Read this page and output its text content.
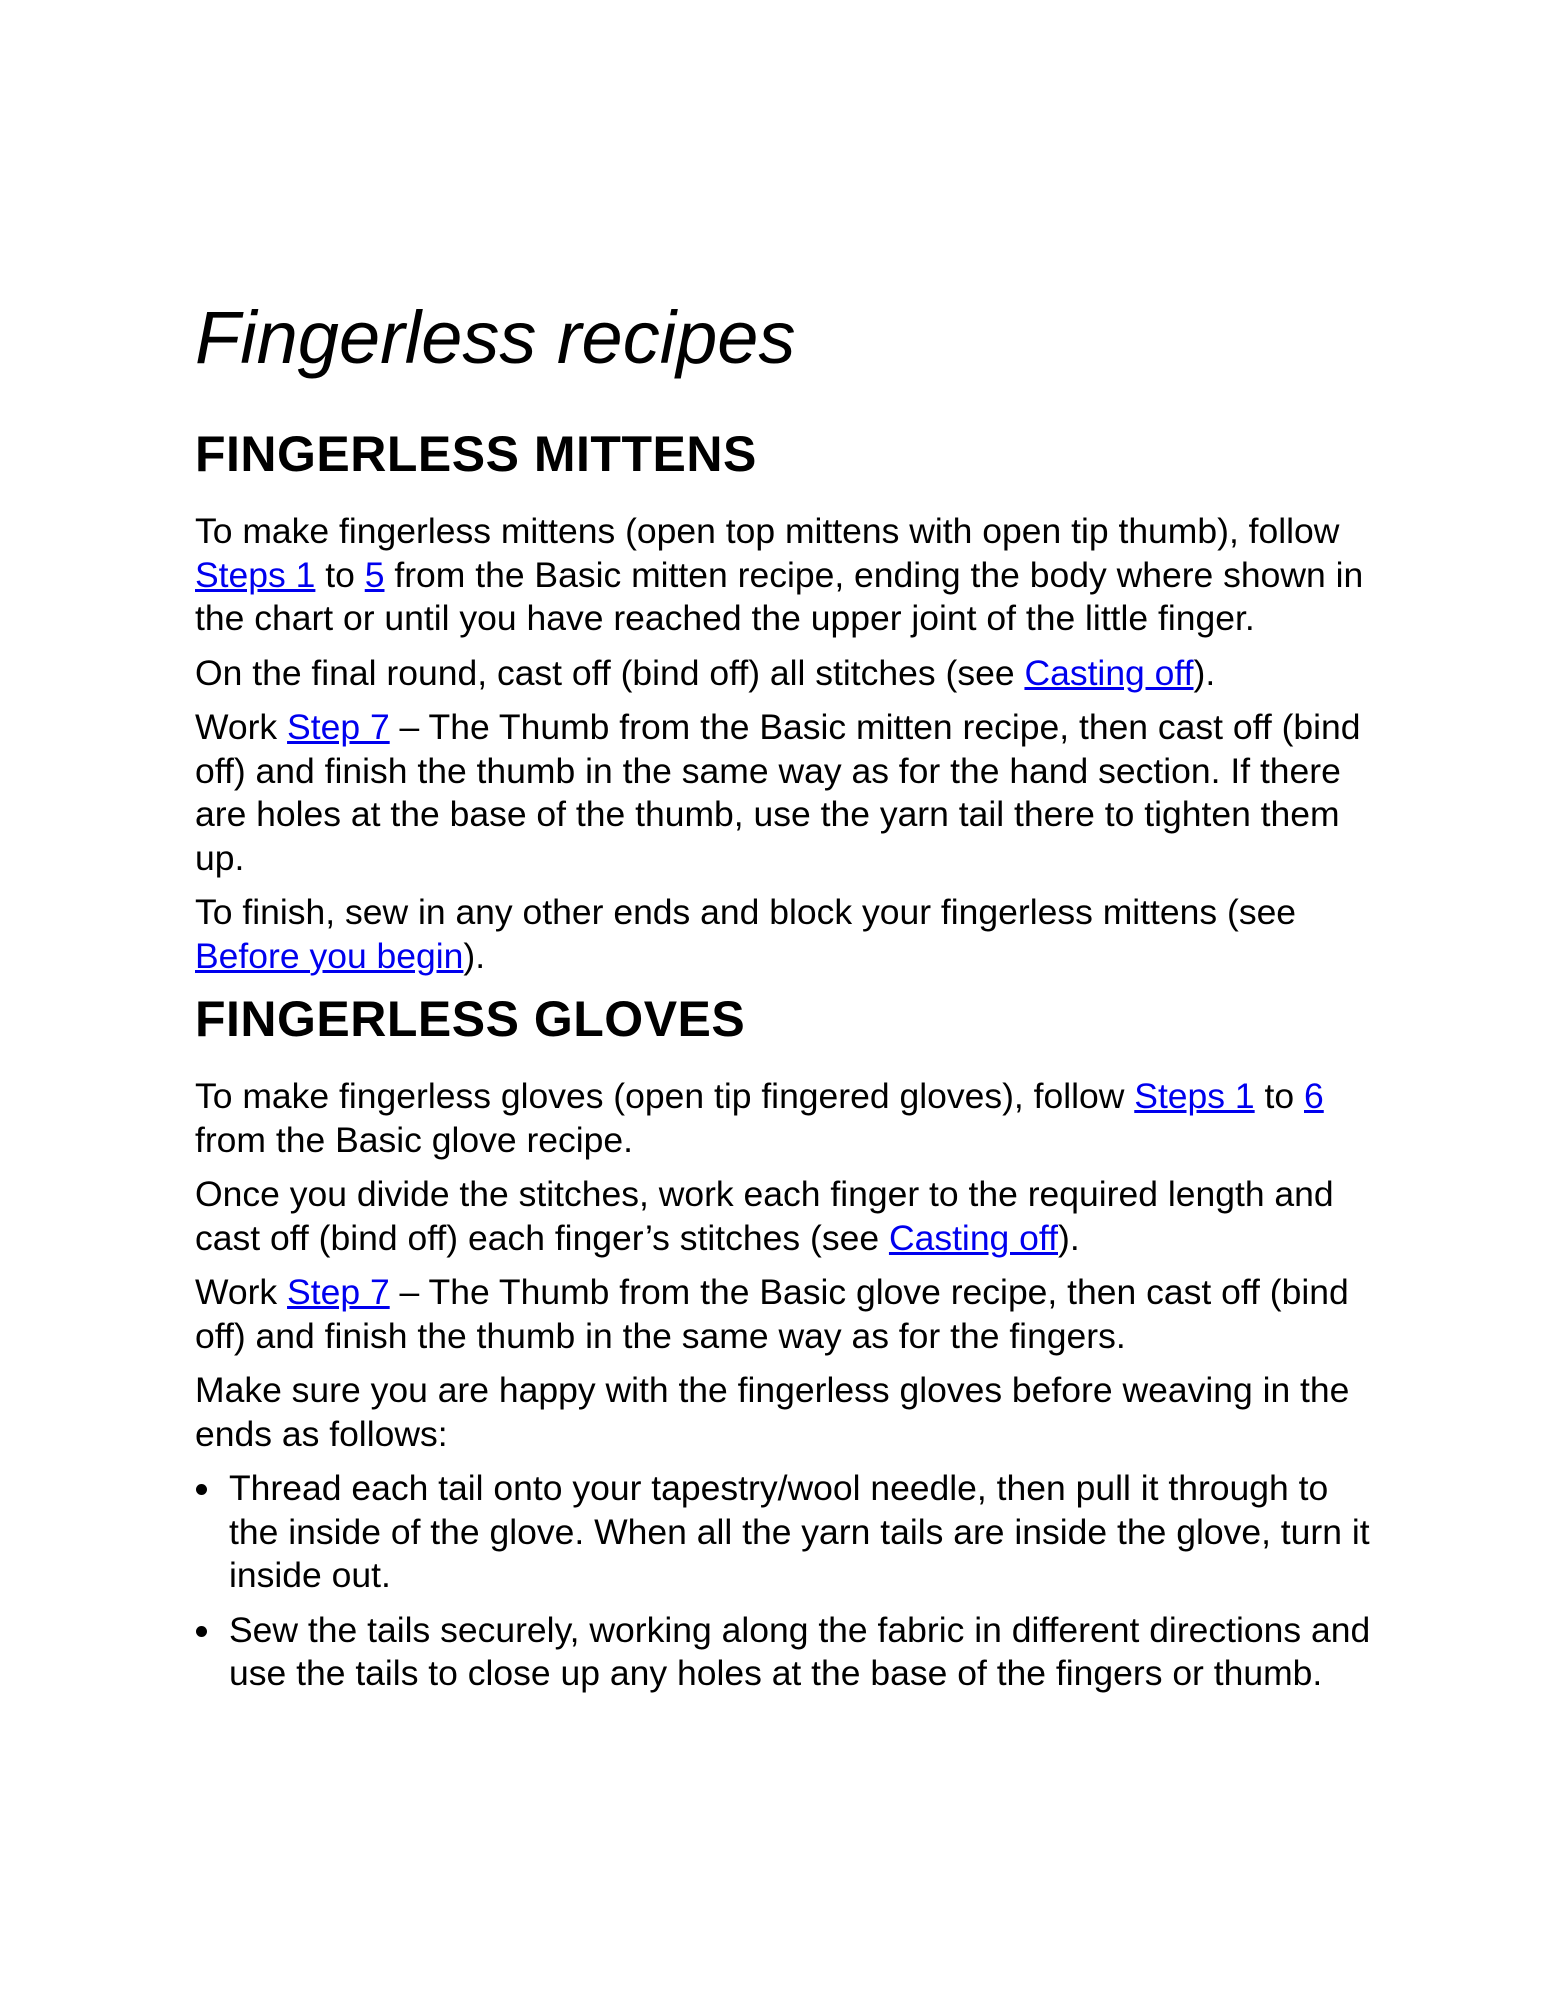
Fingerless recipes
FINGERLESS MITTENS

To make fingerless mittens (open top mittens with open tip thumb), follow Steps 1 to 5 from the Basic mitten recipe, ending the body where shown in the chart or until you have reached the upper joint of the little finger.

On the final round, cast off (bind off) all stitches (see Casting off).

Work Step 7 – The Thumb from the Basic mitten recipe, then cast off (bind off) and finish the thumb in the same way as for the hand section. If there are holes at the base of the thumb, use the yarn tail there to tighten them up.

To finish, sew in any other ends and block your fingerless mittens (see Before you begin).

FINGERLESS GLOVES

To make fingerless gloves (open tip fingered gloves), follow Steps 1 to 6 from the Basic glove recipe.

Once you divide the stitches, work each finger to the required length and cast off (bind off) each finger’s stitches (see Casting off).

Work Step 7 – The Thumb from the Basic glove recipe, then cast off (bind off) and finish the thumb in the same way as for the fingers.

Make sure you are happy with the fingerless gloves before weaving in the ends as follows:

Thread each tail onto your tapestry/wool needle, then pull it through to the inside of the glove. When all the yarn tails are inside the glove, turn it inside out.
Sew the tails securely, working along the fabric in different directions and use the tails to close up any holes at the base of the fingers or thumb.
